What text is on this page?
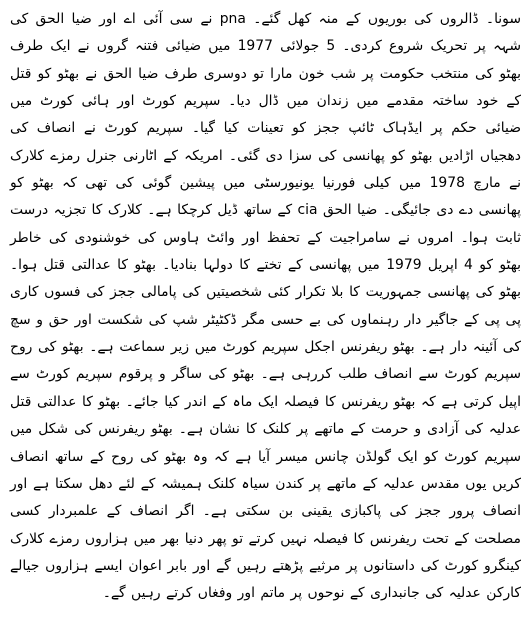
سونا۔ ڈالروں کی بوریوں کے منہ کھل گئے۔ pna نے سی آئی اے اور ضیا الحق کی شہہ پر تحریک شروع کردی۔ 5 جولائی 1977 میں ضیائی فتنہ گروں نے ایک طرف بھٹو کی منتخب حکومت پر شب خون مارا تو دوسری طرف ضیا الحق نے بھٹو کو قتل کے خود ساختہ مقدمے میں زندان میں ڈال دیا۔ سپریم کورٹ اور ہائی کورٹ میں ضیائی حکم پر ایڈہاک ٹائپ ججز کو تعینات کیا گیا۔ سپریم کورٹ نے انصاف کی دھجیاں اڑادیں بھٹو کو پھانسی کی سزا دی گئی۔ امریکہ کے اٹارنی جنرل رمزے کلارک نے مارچ 1978 میں کیلی فورنیا یونیورسٹی میں پیشین گوئی کی تھی کہ بھٹو کو پھانسی دے دی جائیگی۔ ضیا الحق cia کے ساتھ ڈیل کرچکا ہے۔ کلارک کا تجزیہ درست ثابت ہوا۔ امروں نے سامراجیت کے تحفظ اور وائٹ ہاوس کی خوشنودی کی خاطر بھٹو کو 4 اپریل 1979 میں پھانسی کے تختے کا دولہا بنادیا۔ بھٹو کا عدالتی قتل ہوا۔ بھٹو کی پھانسی جمہوریت کا بلا تکرار کئی شخصیتیں کی پامالی ججز کی فسوں کاری پی پی کے جاگیر دار رہنماوں کی بے حسی مگر ڈکٹیٹر شپ کی شکست اور حق و سچ کی آئینہ دار ہے۔ بھٹو ریفرنس اجکل سپریم کورٹ میں زیر سماعت ہے۔ بھٹو کی روح سپریم کورٹ سے انصاف طلب کررہی ہے۔ بھٹو کی ساگر و پرقوم سپریم کورٹ سے اپیل کرتی ہے کہ بھٹو ریفرنس کا فیصلہ ایک ماہ کے اندر کیا جائے۔ بھٹو کا عدالتی قتل عدلیہ کی آزادی و حرمت کے ماتھے پر کلنک کا نشان ہے۔ بھٹو ریفرنس کی شکل میں سپریم کورٹ کو ایک گولڈن چانس میسر آیا ہے کہ وہ بھٹو کی روح کے ساتھ انصاف کریں یوں مقدس عدلیہ کے ماتھے پر کندن سیاہ کلنک ہمیشہ کے لئے دھل سکتا ہے اور انصاف پرور ججز کی پاکبازی یقینی بن سکتی ہے۔ اگر انصاف کے علمبردار کسی مصلحت کے تحت ریفرنس کا فیصلہ نہیں کرتے تو پھر دنیا بھر میں ہزاروں رمزے کلارک کینگرو کورٹ کی داستانوں پر مرثیے پڑھتے رہیں گے اور بابر اعوان ایسے ہزاروں جیالے کارکن عدلیہ کی جانبداری کے نوحوں پر ماتم اور وفغاں کرتے رہیں گے۔
